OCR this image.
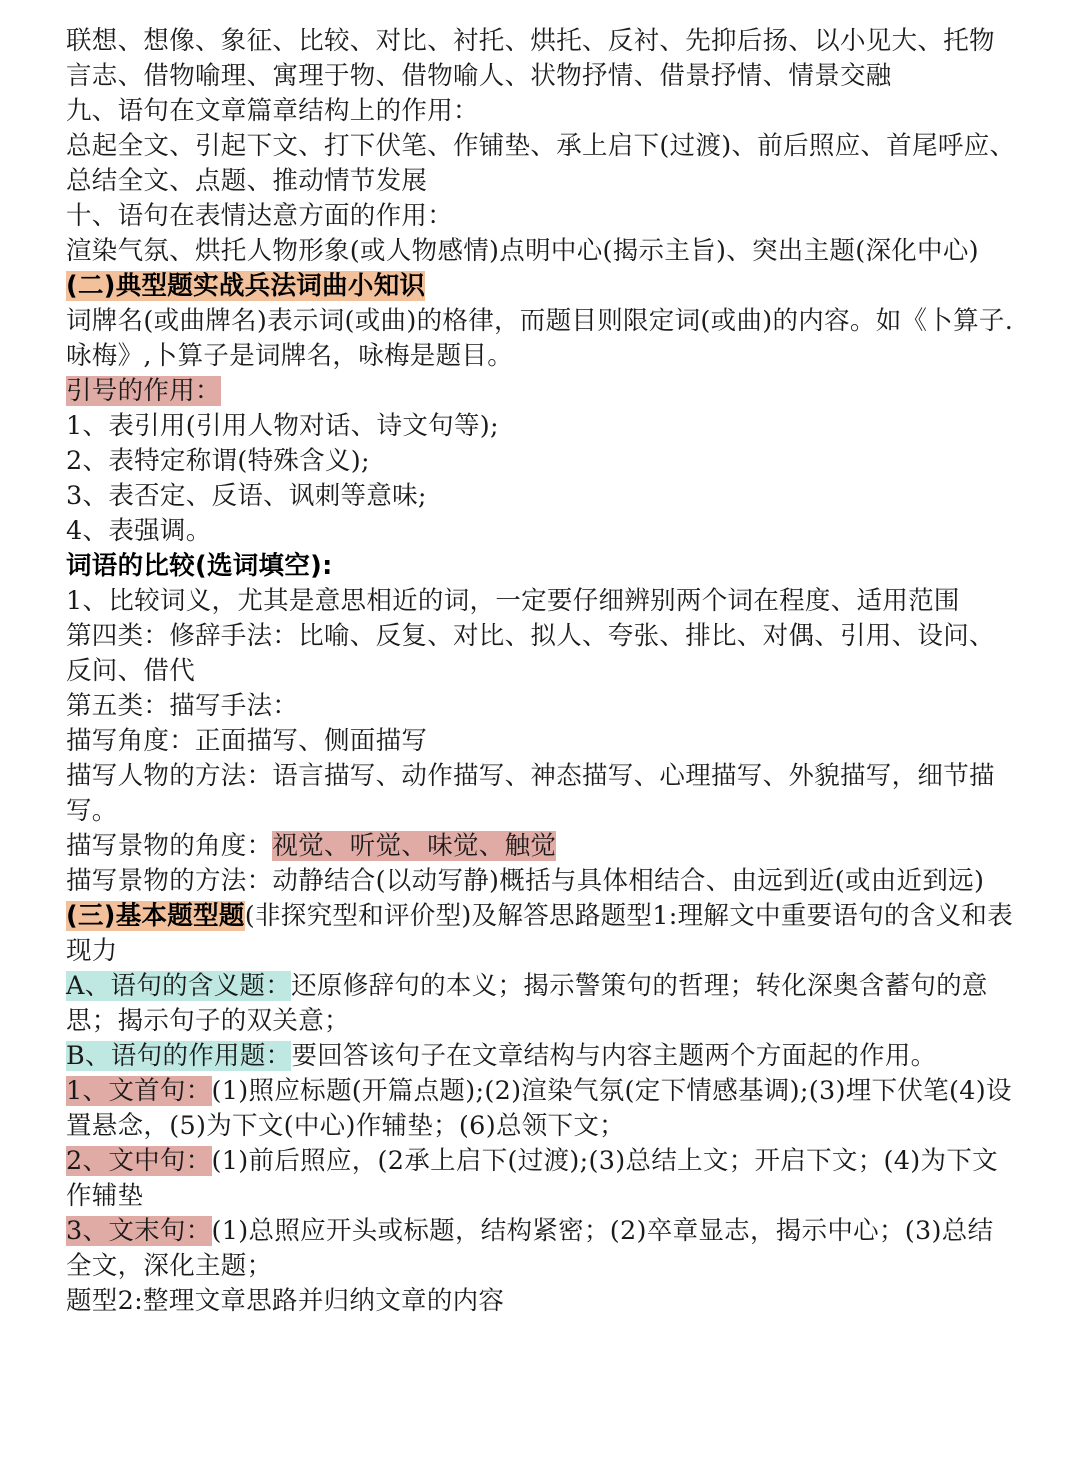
联想、想像、象征、比较、对比、衬托、烘托、反衬、先抑后扬、以小见大、托物言志、借物喻理、寓理于物、借物喻人、状物抒情、借景抒情、情景交融

九、语句在文章篇章结构上的作用：

总起全文、引起下文、打下伏笔、作铺垫、承上启下(过渡)、前后照应、首尾呼应、总结全文、点题、推动情节发展

十、语句在表情达意方面的作用：

渲染气氛、烘托人物形象(或人物感情)点明中心(揭示主旨)、突出主题(深化中心)

(二)典型题实战兵法词曲小知识

词牌名(或曲牌名)表示词(或曲)的格律，而题目则限定词(或曲)的内容。如《卜算子.咏梅》,卜算子是词牌名，咏梅是题目。

引号的作用：

1、表引用(引用人物对话、诗文句等);

2、表特定称谓(特殊含义);

3、表否定、反语、讽刺等意味;

4、表强调。

词语的比较(选词填空):

1、比较词义，尤其是意思相近的词，一定要仔细辨别两个词在程度、适用范围

第四类：修辞手法：比喻、反复、对比、拟人、夸张、排比、对偶、引用、设问、反问、借代

第五类：描写手法：

描写角度：正面描写、侧面描写

描写人物的方法：语言描写、动作描写、神态描写、心理描写、外貌描写，细节描写。

描写景物的角度：视觉、听觉、味觉、触觉

描写景物的方法：动静结合(以动写静)概括与具体相结合、由远到近(或由近到远)

(三)基本题型题(非探究型和评价型)及解答思路题型1:理解文中重要语句的含义和表现力

A、语句的含义题：还原修辞句的本义；揭示警策句的哲理；转化深奥含蓄句的意思；揭示句子的双关意；

B、语句的作用题：要回答该句子在文章结构与内容主题两个方面起的作用。

1、文首句：(1)照应标题(开篇点题);(2)渲染气氛(定下情感基调);(3)埋下伏笔(4)设置悬念，(5)为下文(中心)作辅垫；(6)总领下文；

2、文中句：(1)前后照应，(2承上启下(过渡);(3)总结上文；开启下文；(4)为下文作辅垫

3、文末句：(1)总照应开头或标题，结构紧密；(2)卒章显志，揭示中心；(3)总结全文，深化主题；

题型2:整理文章思路并归纳文章的内容
